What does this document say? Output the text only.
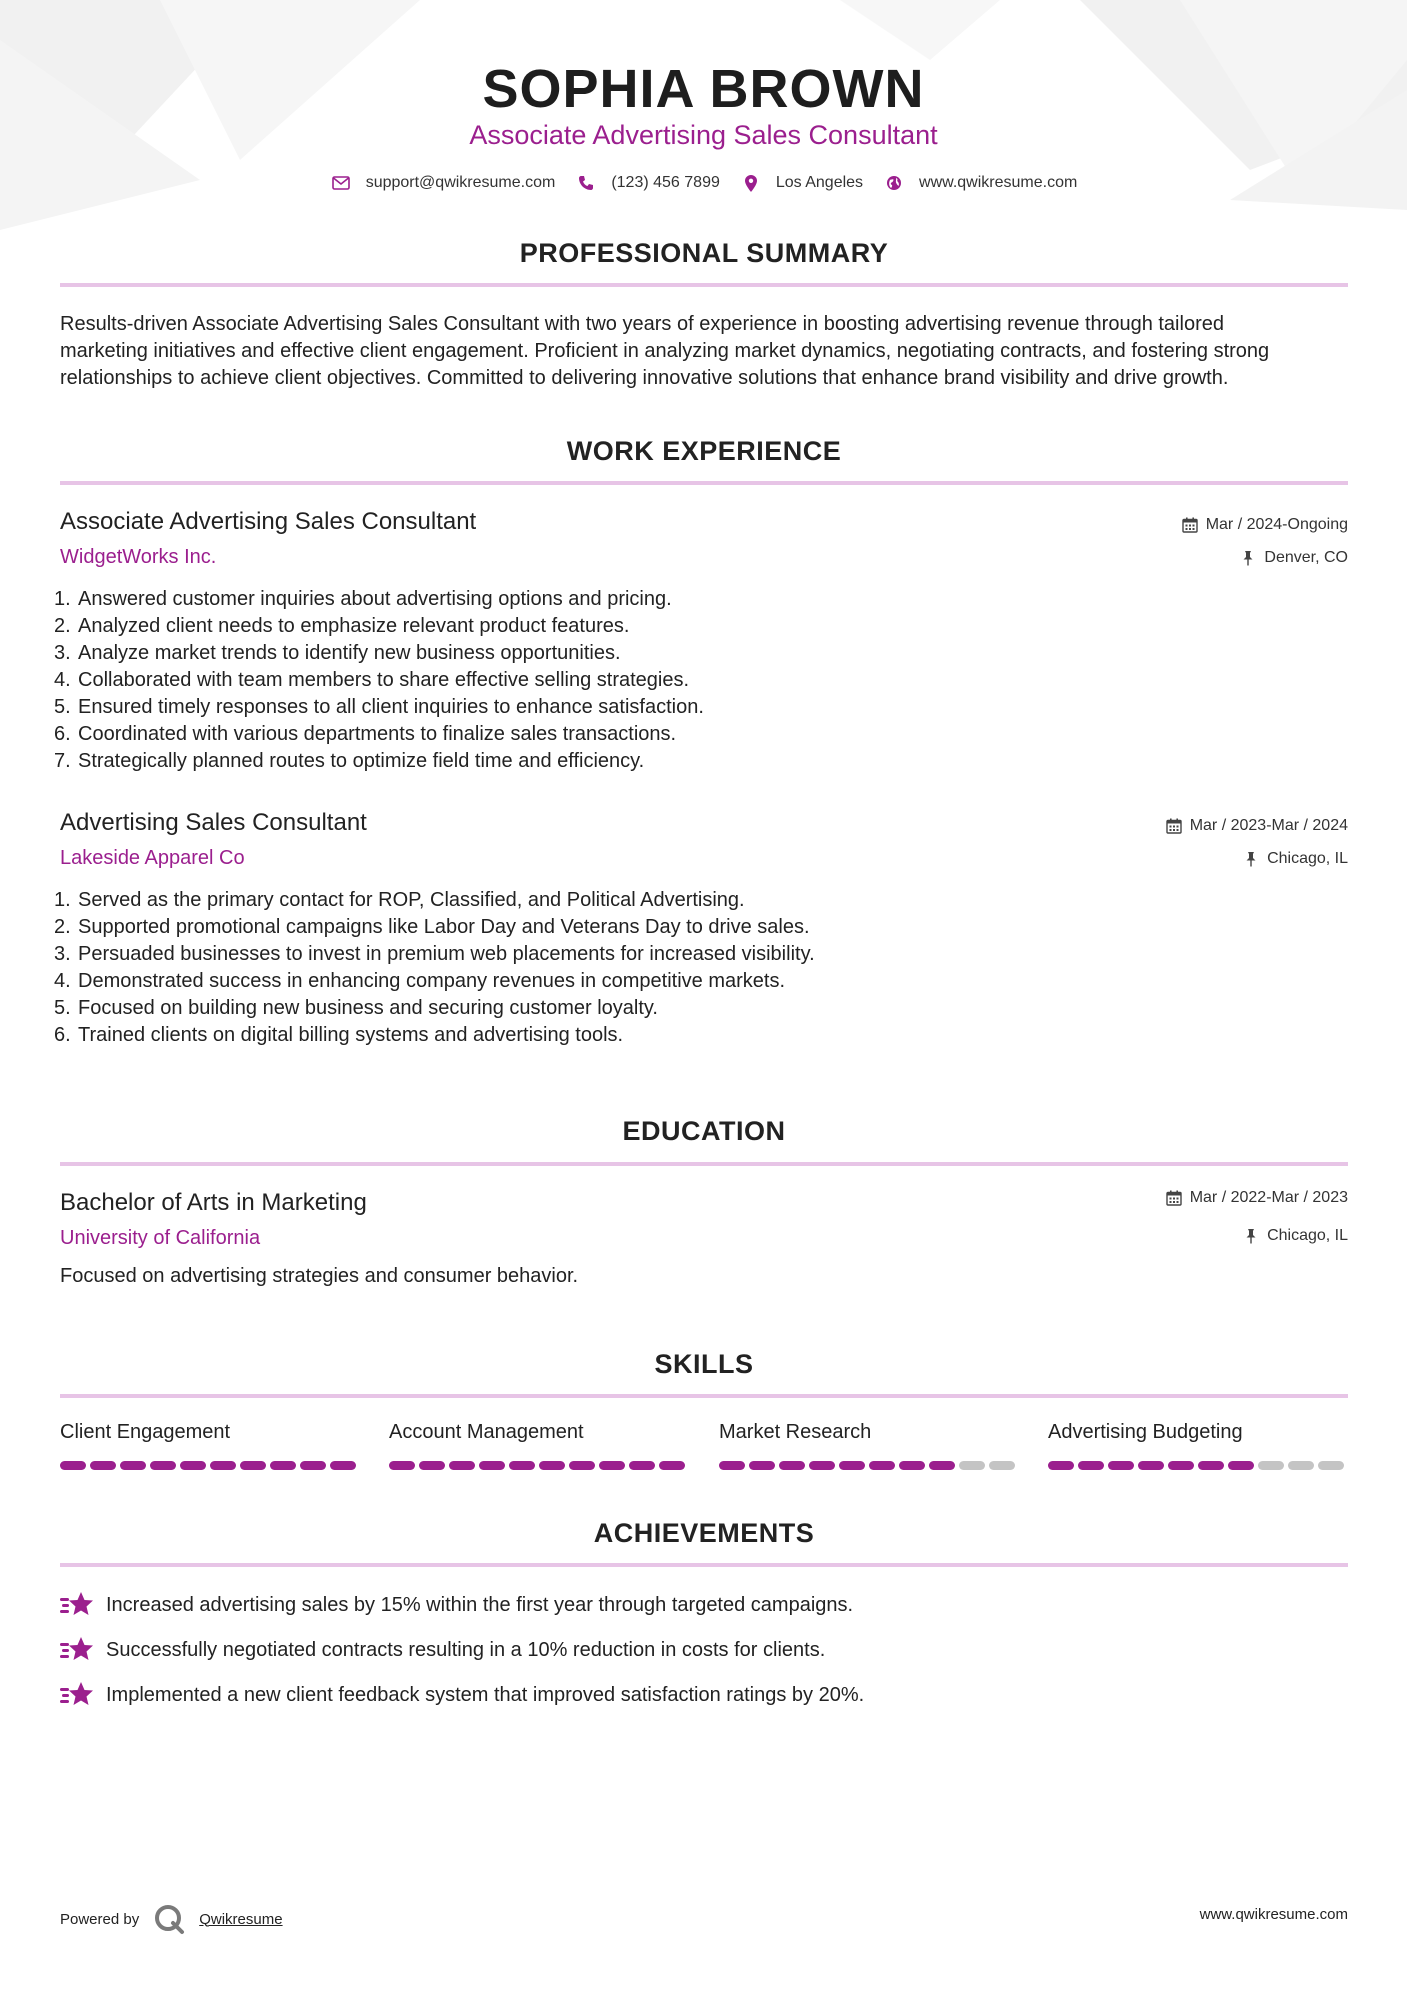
SOPHIA BROWN
Associate Advertising Sales Consultant
support@qwikresume.com	(123) 456 7899	Los Angeles	www.qwikresume.com
PROFESSIONAL SUMMARY
Results-driven Associate Advertising Sales Consultant with two years of experience in boosting advertising revenue through tailored
marketing initiatives and effective client engagement. Proficient in analyzing market dynamics, negotiating contracts, and fostering strong
relationships to achieve client objectives. Committed to delivering innovative solutions that enhance brand visibility and drive growth.
WORK EXPERIENCE
Associate Advertising Sales Consultant
WidgetWorks Inc.
Mar / 2024-Ongoing
Denver, CO
1. Answered customer inquiries about advertising options and pricing.
2. Analyzed client needs to emphasize relevant product features.
3. Analyze market trends to identify new business opportunities.
4. Collaborated with team members to share effective selling strategies.
5. Ensured timely responses to all client inquiries to enhance satisfaction.
6. Coordinated with various departments to finalize sales transactions.
7. Strategically planned routes to optimize field time and efficiency.
Advertising Sales Consultant
Lakeside Apparel Co
Mar / 2023-Mar / 2024
Chicago, IL
1. Served as the primary contact for ROP, Classified, and Political Advertising.
2. Supported promotional campaigns like Labor Day and Veterans Day to drive sales.
3. Persuaded businesses to invest in premium web placements for increased visibility.
4. Demonstrated success in enhancing company revenues in competitive markets.
5. Focused on building new business and securing customer loyalty.
6. Trained clients on digital billing systems and advertising tools.
EDUCATION
Bachelor of Arts in Marketing
University of California
Mar / 2022-Mar / 2023
Chicago, IL
Focused on advertising strategies and consumer behavior.
SKILLS
Client Engagement	Account Management	Market Research	Advertising Budgeting
ACHIEVEMENTS
Increased advertising sales by 15% within the first year through targeted campaigns.
Successfully negotiated contracts resulting in a 10% reduction in costs for clients.
Implemented a new client feedback system that improved satisfaction ratings by 20%.
Powered by	Qwikresume	www.qwikresume.com
